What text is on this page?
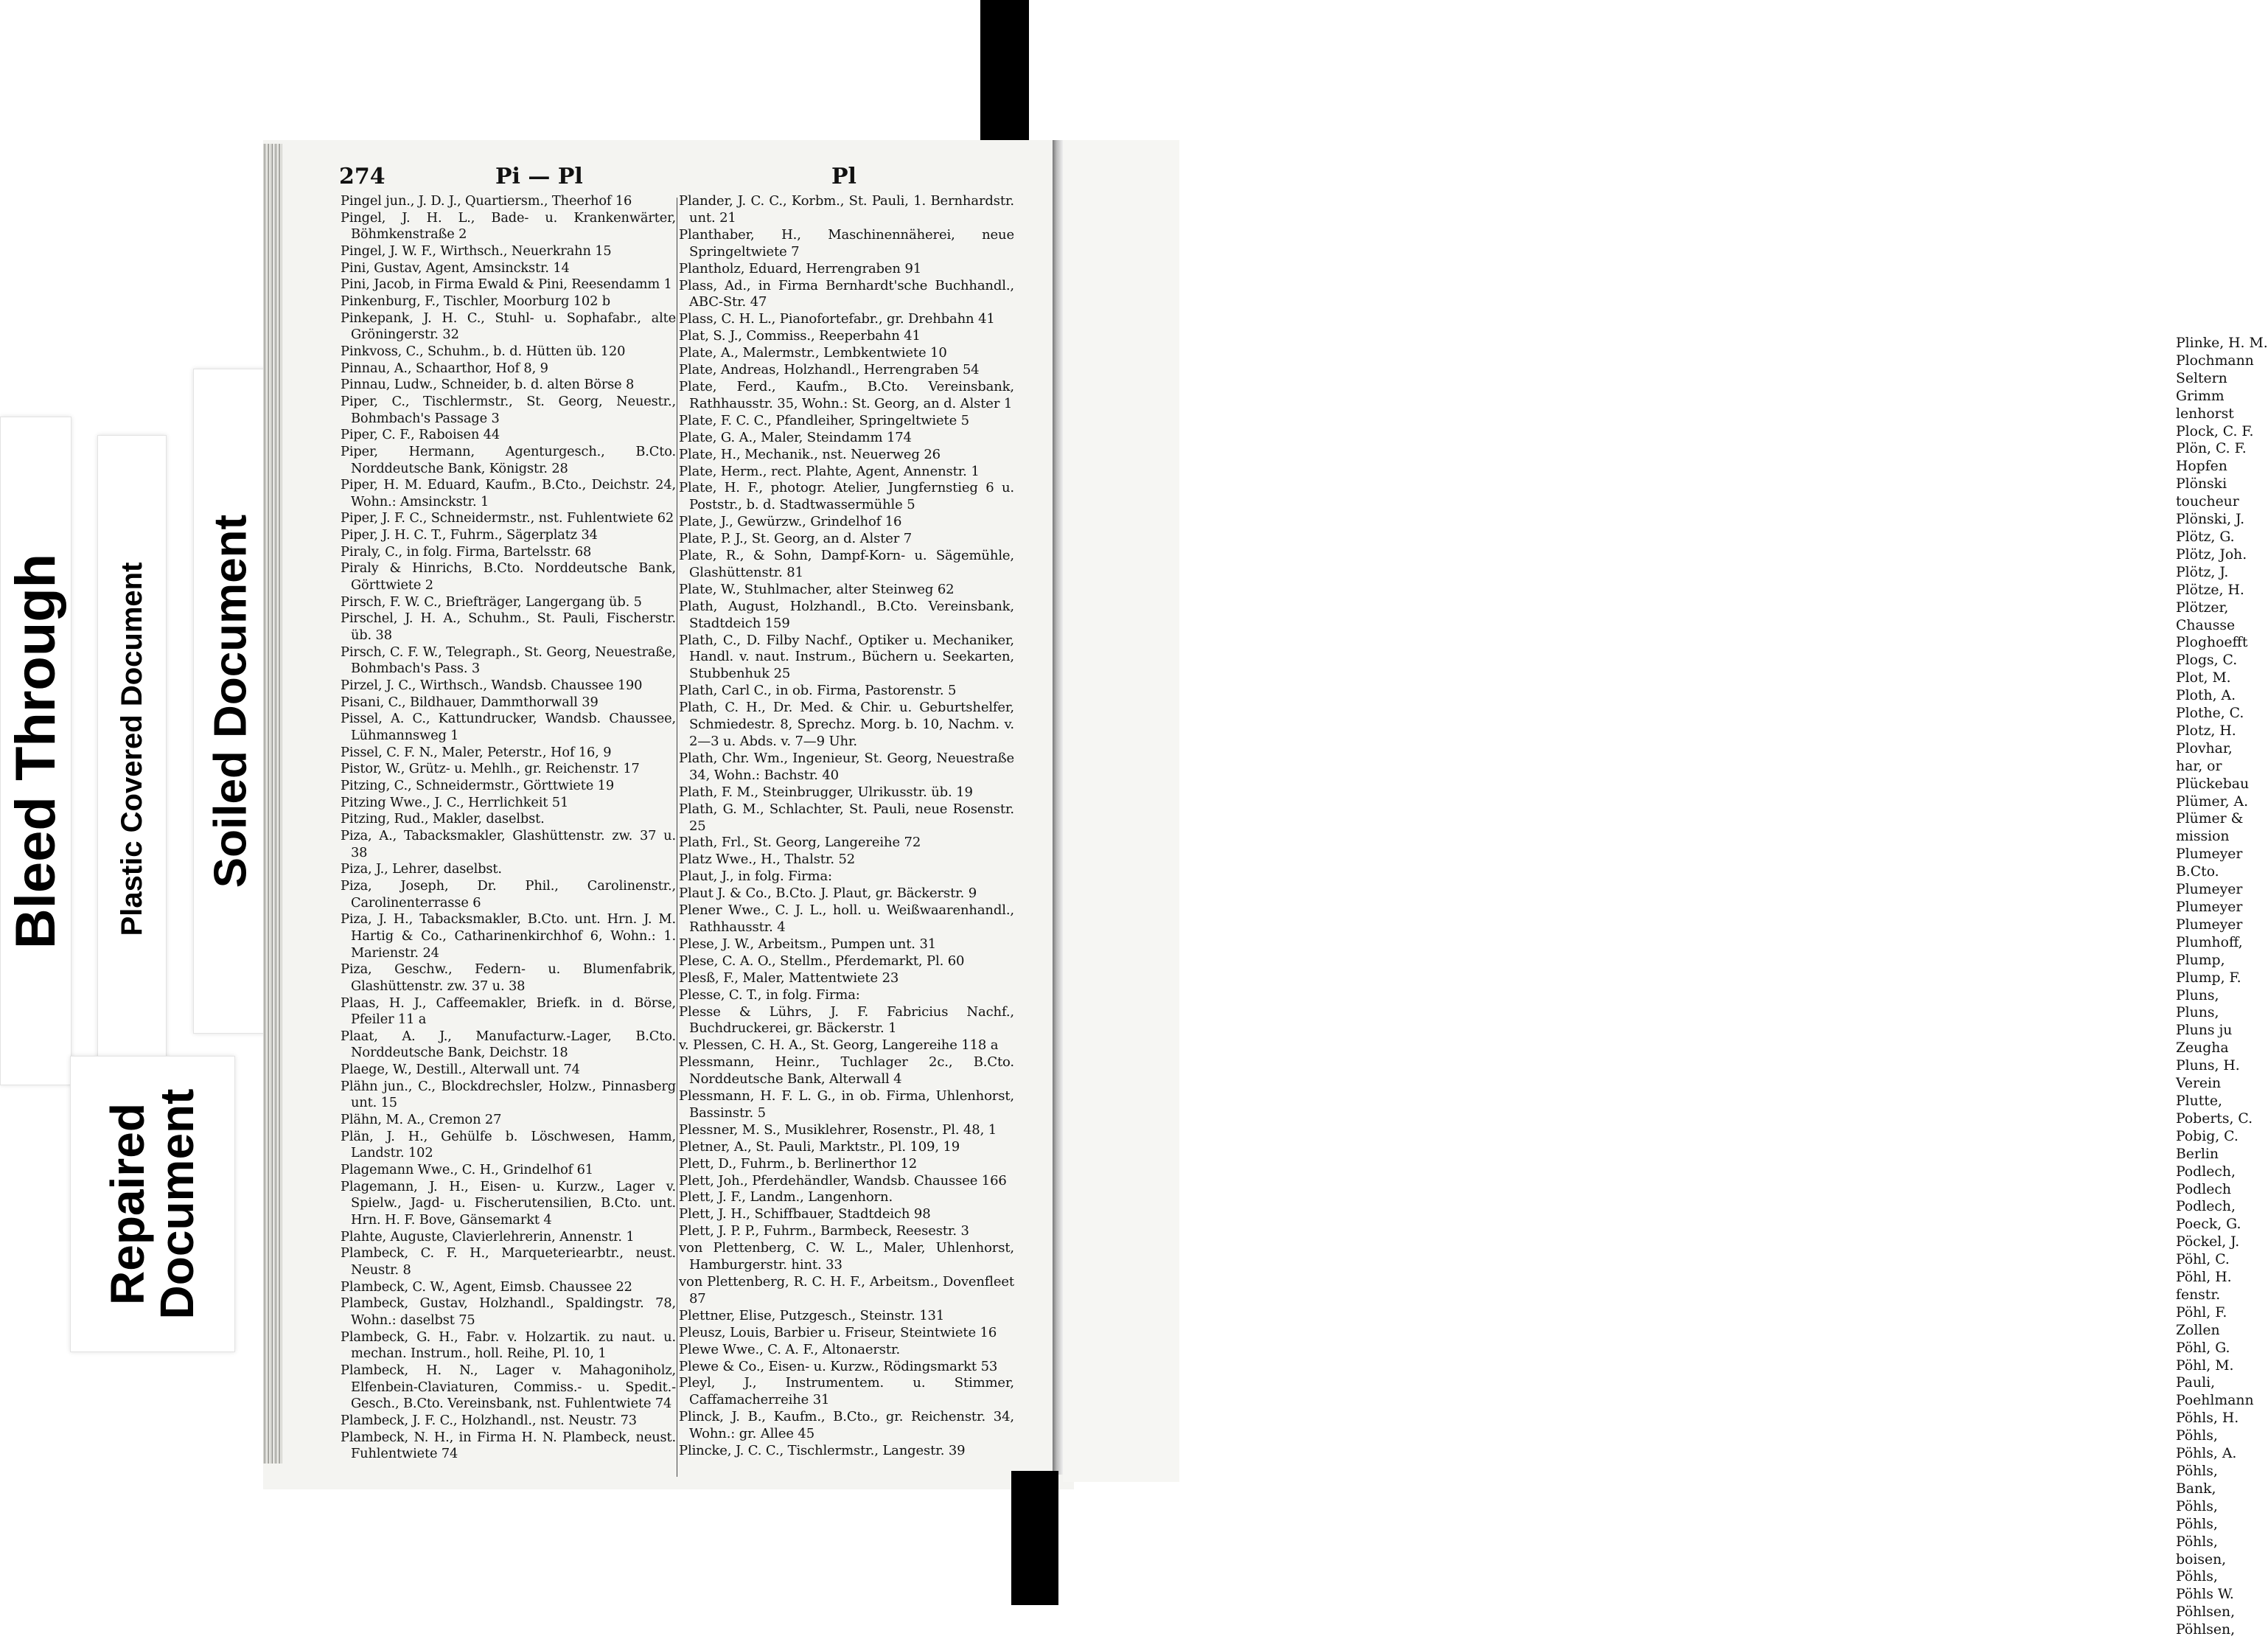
Bleed Through Plastic Covered Document Soiled Document
Repaired
Document
274	Pi — Pl	Pl

Pingel jun., J. D. J., Quartiersm., Theerhof 16

Pingel, J. H. L., Bade- u. Krankenwärter, Böhmkenstraße 2

Pingel, J. W. F., Wirthsch., Neuerkrahn 15

Pini, Gustav, Agent, Amsinckstr. 14

Pini, Jacob, in Firma Ewald & Pini, Reesendamm 1

Pinkenburg, F., Tischler, Moorburg 102 b

Pinkepank, J. H. C., Stuhl- u. Sophafabr., alte Gröningerstr. 32

Pinkvoss, C., Schuhm., b. d. Hütten üb. 120

Pinnau, A., Schaarthor, Hof 8, 9

Pinnau, Ludw., Schneider, b. d. alten Börse 8

Piper, C., Tischlermstr., St. Georg, Neuestr., Bohmbach's Passage 3

Piper, C. F., Raboisen 44

Piper, Hermann, Agenturgesch., B.Cto. Norddeutsche Bank, Königstr. 28

Piper, H. M. Eduard, Kaufm., B.Cto., Deichstr. 24, Wohn.: Amsinckstr. 1

Piper, J. F. C., Schneidermstr., nst. Fuhlentwiete 62

Piper, J. H. C. T., Fuhrm., Sägerplatz 34

Piraly, C., in folg. Firma, Bartelsstr. 68

Piraly & Hinrichs, B.Cto. Norddeutsche Bank, Görttwiete 2

Pirsch, F. W. C., Briefträger, Langergang üb. 5

Pirschel, J. H. A., Schuhm., St. Pauli, Fischerstr. üb. 38

Pirsch, C. F. W., Telegraph., St. Georg, Neuestraße, Bohmbach's Pass. 3

Pirzel, J. C., Wirthsch., Wandsb. Chaussee 190

Pisani, C., Bildhauer, Dammthorwall 39

Pissel, A. C., Kattundrucker, Wandsb. Chaussee, Lühmannsweg 1

Pissel, C. F. N., Maler, Peterstr., Hof 16, 9

Pistor, W., Grütz- u. Mehlh., gr. Reichenstr. 17

Pitzing, C., Schneidermstr., Görttwiete 19

Pitzing Wwe., J. C., Herrlichkeit 51

Pitzing, Rud., Makler, daselbst.

Piza, A., Tabacksmakler, Glashüttenstr. zw. 37 u. 38

Piza, J., Lehrer, daselbst.

Piza, Joseph, Dr. Phil., Carolinenstr., Carolinenterrasse 6

Piza, J. H., Tabacksmakler, B.Cto. unt. Hrn. J. M. Hartig & Co., Catharinenkirchhof 6, Wohn.: 1. Marienstr. 24

Piza, Geschw., Federn- u. Blumenfabrik, Glashüttenstr. zw. 37 u. 38

Plaas, H. J., Caffeemakler, Briefk. in d. Börse, Pfeiler 11 a

Plaat, A. J., Manufacturw.-Lager, B.Cto. Norddeutsche Bank, Deichstr. 18

Plaege, W., Destill., Alterwall unt. 74

Plähn jun., C., Blockdrechsler, Holzw., Pinnasberg unt. 15

Plähn, M. A., Cremon 27

Plän, J. H., Gehülfe b. Löschwesen, Hamm, Landstr. 102

Plagemann Wwe., C. H., Grindelhof 61

Plagemann, J. H., Eisen- u. Kurzw., Lager v. Spielw., Jagd- u. Fischerutensilien, B.Cto. unt. Hrn. H. F. Bove, Gänsemarkt 4

Plahte, Auguste, Clavierlehrerin, Annenstr. 1

Plambeck, C. F. H., Marqueteriearbtr., neust. Neustr. 8

Plambeck, C. W., Agent, Eimsb. Chaussee 22

Plambeck, Gustav, Holzhandl., Spaldingstr. 78, Wohn.: daselbst 75

Plambeck, G. H., Fabr. v. Holzartik. zu naut. u. mechan. Instrum., holl. Reihe, Pl. 10, 1

Plambeck, H. N., Lager v. Mahagoniholz, Elfenbein-Claviaturen, Commiss.- u. Spedit.-Gesch., B.Cto. Vereinsbank, nst. Fuhlentwiete 74

Plambeck, J. F. C., Holzhandl., nst. Neustr. 73

Plambeck, N. H., in Firma H. N. Plambeck, neust. Fuhlentwiete 74

Plander, J. C. C., Korbm., St. Pauli, 1. Bernhardstr. unt. 21

Planthaber, H., Maschinennäherei, neue Springeltwiete 7

Plantholz, Eduard, Herrengraben 91

Plass, Ad., in Firma Bernhardt'sche Buchhandl., ABC-Str. 47

Plass, C. H. L., Pianofortefabr., gr. Drehbahn 41

Plat, S. J., Commiss., Reeperbahn 41

Plate, A., Malermstr., Lembkentwiete 10

Plate, Andreas, Holzhandl., Herrengraben 54

Plate, Ferd., Kaufm., B.Cto. Vereinsbank, Rathhausstr. 35, Wohn.: St. Georg, an d. Alster 1

Plate, F. C. C., Pfandleiher, Springeltwiete 5

Plate, G. A., Maler, Steindamm 174

Plate, H., Mechanik., nst. Neuerweg 26

Plate, Herm., rect. Plahte, Agent, Annenstr. 1

Plate, H. F., photogr. Atelier, Jungfernstieg 6 u. Poststr., b. d. Stadtwassermühle 5

Plate, J., Gewürzw., Grindelhof 16

Plate, P. J., St. Georg, an d. Alster 7

Plate, R., & Sohn, Dampf-Korn- u. Sägemühle, Glashüttenstr. 81

Plate, W., Stuhlmacher, alter Steinweg 62

Plath, August, Holzhandl., B.Cto. Vereinsbank, Stadtdeich 159

Plath, C., D. Filby Nachf., Optiker u. Mechaniker, Handl. v. naut. Instrum., Büchern u. Seekarten, Stubbenhuk 25

Plath, Carl C., in ob. Firma, Pastorenstr. 5

Plath, C. H., Dr. Med. & Chir. u. Geburtshelfer, Schmiedestr. 8, Sprechz. Morg. b. 10, Nachm. v. 2—3 u. Abds. v. 7—9 Uhr.

Plath, Chr. Wm., Ingenieur, St. Georg, Neuestraße 34, Wohn.: Bachstr. 40

Plath, F. M., Steinbrugger, Ulrikusstr. üb. 19

Plath, G. M., Schlachter, St. Pauli, neue Rosenstr. 25

Plath, Frl., St. Georg, Langereihe 72

Platz Wwe., H., Thalstr. 52

Plaut, J., in folg. Firma:

Plaut J. & Co., B.Cto. J. Plaut, gr. Bäckerstr. 9

Plener Wwe., C. J. L., holl. u. Weißwaarenhandl., Rathhausstr. 4

Plese, J. W., Arbeitsm., Pumpen unt. 31

Plese, C. A. O., Stellm., Pferdemarkt, Pl. 60

Plesß, F., Maler, Mattentwiete 23

Plesse, C. T., in folg. Firma:

Plesse & Lührs, J. F. Fabricius Nachf., Buchdruckerei, gr. Bäckerstr. 1

v. Plessen, C. H. A., St. Georg, Langereihe 118 a

Plessmann, Heinr., Tuchlager 2c., B.Cto. Norddeutsche Bank, Alterwall 4

Plessmann, H. F. L. G., in ob. Firma, Uhlenhorst, Bassinstr. 5

Plessner, M. S., Musiklehrer, Rosenstr., Pl. 48, 1

Pletner, A., St. Pauli, Marktstr., Pl. 109, 19

Plett, D., Fuhrm., b. Berlinerthor 12

Plett, Joh., Pferdehändler, Wandsb. Chaussee 166

Plett, J. F., Landm., Langenhorn.

Plett, J. H., Schiffbauer, Stadtdeich 98

Plett, J. P. P., Fuhrm., Barmbeck, Reesestr. 3

von Plettenberg, C. W. L., Maler, Uhlenhorst, Hamburgerstr. hint. 33

von Plettenberg, R. C. H. F., Arbeitsm., Dovenfleet 87

Plettner, Elise, Putzgesch., Steinstr. 131

Pleusz, Louis, Barbier u. Friseur, Steintwiete 16

Plewe Wwe., C. A. F., Altonaerstr.

Plewe & Co., Eisen- u. Kurzw., Rödingsmarkt 53

Pleyl, J., Instrumentem. u. Stimmer, Caffamacherreihe 31

Plinck, J. B., Kaufm., B.Cto., gr. Reichenstr. 34, Wohn.: gr. Allee 45

Plincke, J. C. C., Tischlermstr., Langestr. 39

Plinke, H. M.

Plochmann

Seltern

Grimm

lenhorst

Plock, C. F.

Plön, C. F.

Hopfen

Plönski

toucheur

Plönski, J.

Plötz, G.

Plötz, Joh.

Plötz, J.

Plötze, H.

Plötzer,

Chausse

Ploghoefft

Plogs, C.

Plot, M.

Ploth, A.

Plothe, C.

Plotz, H.

Plovhar,

har, or

Plückebau

Plümer, A.

Plümer &

mission

Plumeyer

B.Cto.

Plumeyer

Plumeyer

Plumeyer

Plumhoff,

Plump,

Plump, F.

Pluns,

Pluns,

Pluns ju

Zeugha

Pluns, H.

Verein

Plutte,

Poberts, C.

Pobig, C.

Berlin

Podlech,

Podlech

Podlech,

Poeck, G.

Pöckel, J.

Pöhl, C.

Pöhl, H.

fenstr.

Pöhl, F.

Zollen

Pöhl, G.

Pöhl, M.

Pauli,

Poehlmann

Pöhls, H.

Pöhls,

Pöhls, A.

Pöhls,

Bank,

Pöhls,

Pöhls,

Pöhls,

boisen,

Pöhls,

Pöhls W.

Pöhlsen,

Pöhlsen,
